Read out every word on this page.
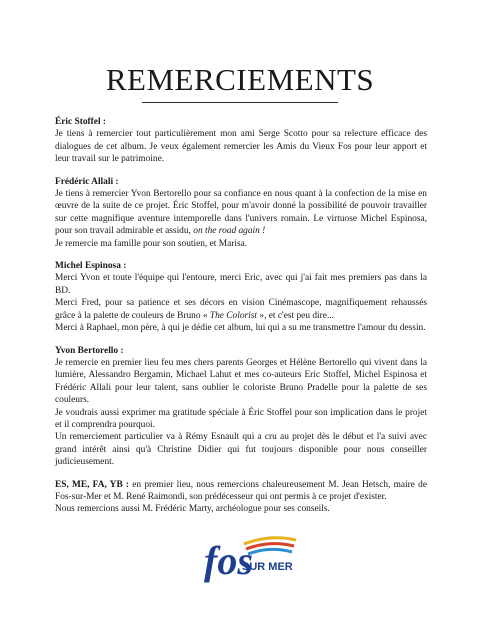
REMERCIEMENTS

Éric Stoffel :

Je tiens à remercier tout particulièrement mon ami Serge Scotto pour sa relecture efficace des dialogues de cet album. Je veux également remercier les Amis du Vieux Fos pour leur apport et leur travail sur le patrimoine.

Frédéric Allali :

Je tiens à remercier Yvon Bertorello pour sa confiance en nous quant à la confection de la mise en œuvre de la suite de ce projet. Éric Stoffel, pour m'avoir donné la possibilité de pouvoir travailler sur cette magnifique aventure intemporelle dans l'univers romain. Le virtuose Michel Espinosa, pour son travail admirable et assidu, on the road again !

Je remercie ma famille pour son soutien, et Marisa.

Michel Espinosa :

Merci Yvon et toute l'équipe qui l'entoure, merci Eric, avec qui j'ai fait mes premiers pas dans la BD.

Merci Fred, pour sa patience et ses décors en vision Cinémascope, magnifiquement rehaussés grâce à la palette de couleurs de Bruno « The Colorist », et c'est peu dire...

Merci à Raphael, mon père, à qui je dédie cet album, lui qui a su me transmettre l'amour du dessin.

Yvon Bertorello :

Je remercie en premier lieu feu mes chers parents Georges et Hélène Bertorello qui vivent dans la lumière, Alessandro Bergamin, Michael Lahut et mes co-auteurs Eric Stoffel, Michel Espinosa et Frédéric Allali pour leur talent, sans oublier le coloriste Bruno Pradelle pour la palette de ses couleurs.

Je voudrais aussi exprimer ma gratitude spéciale à Éric Stoffel pour son implication dans le projet et il comprendra pourquoi.

Un remerciement particulier va à Rémy Esnault qui a cru au projet dès le début et l'a suivi avec grand intérêt ainsi qu'à Christine Didier qui fut toujours disponible pour nous conseiller judicieusement.

ES, ME, FA, YB : en premier lieu, nous remercions chaleureusement M. Jean Hetsch, maire de Fos-sur-Mer et M. René Raimondi, son prédécesseur qui ont permis à ce projet d'exister.

Nous remercions aussi M. Frédéric Marty, archéologue pour ses conseils.

fos
SUR MER
